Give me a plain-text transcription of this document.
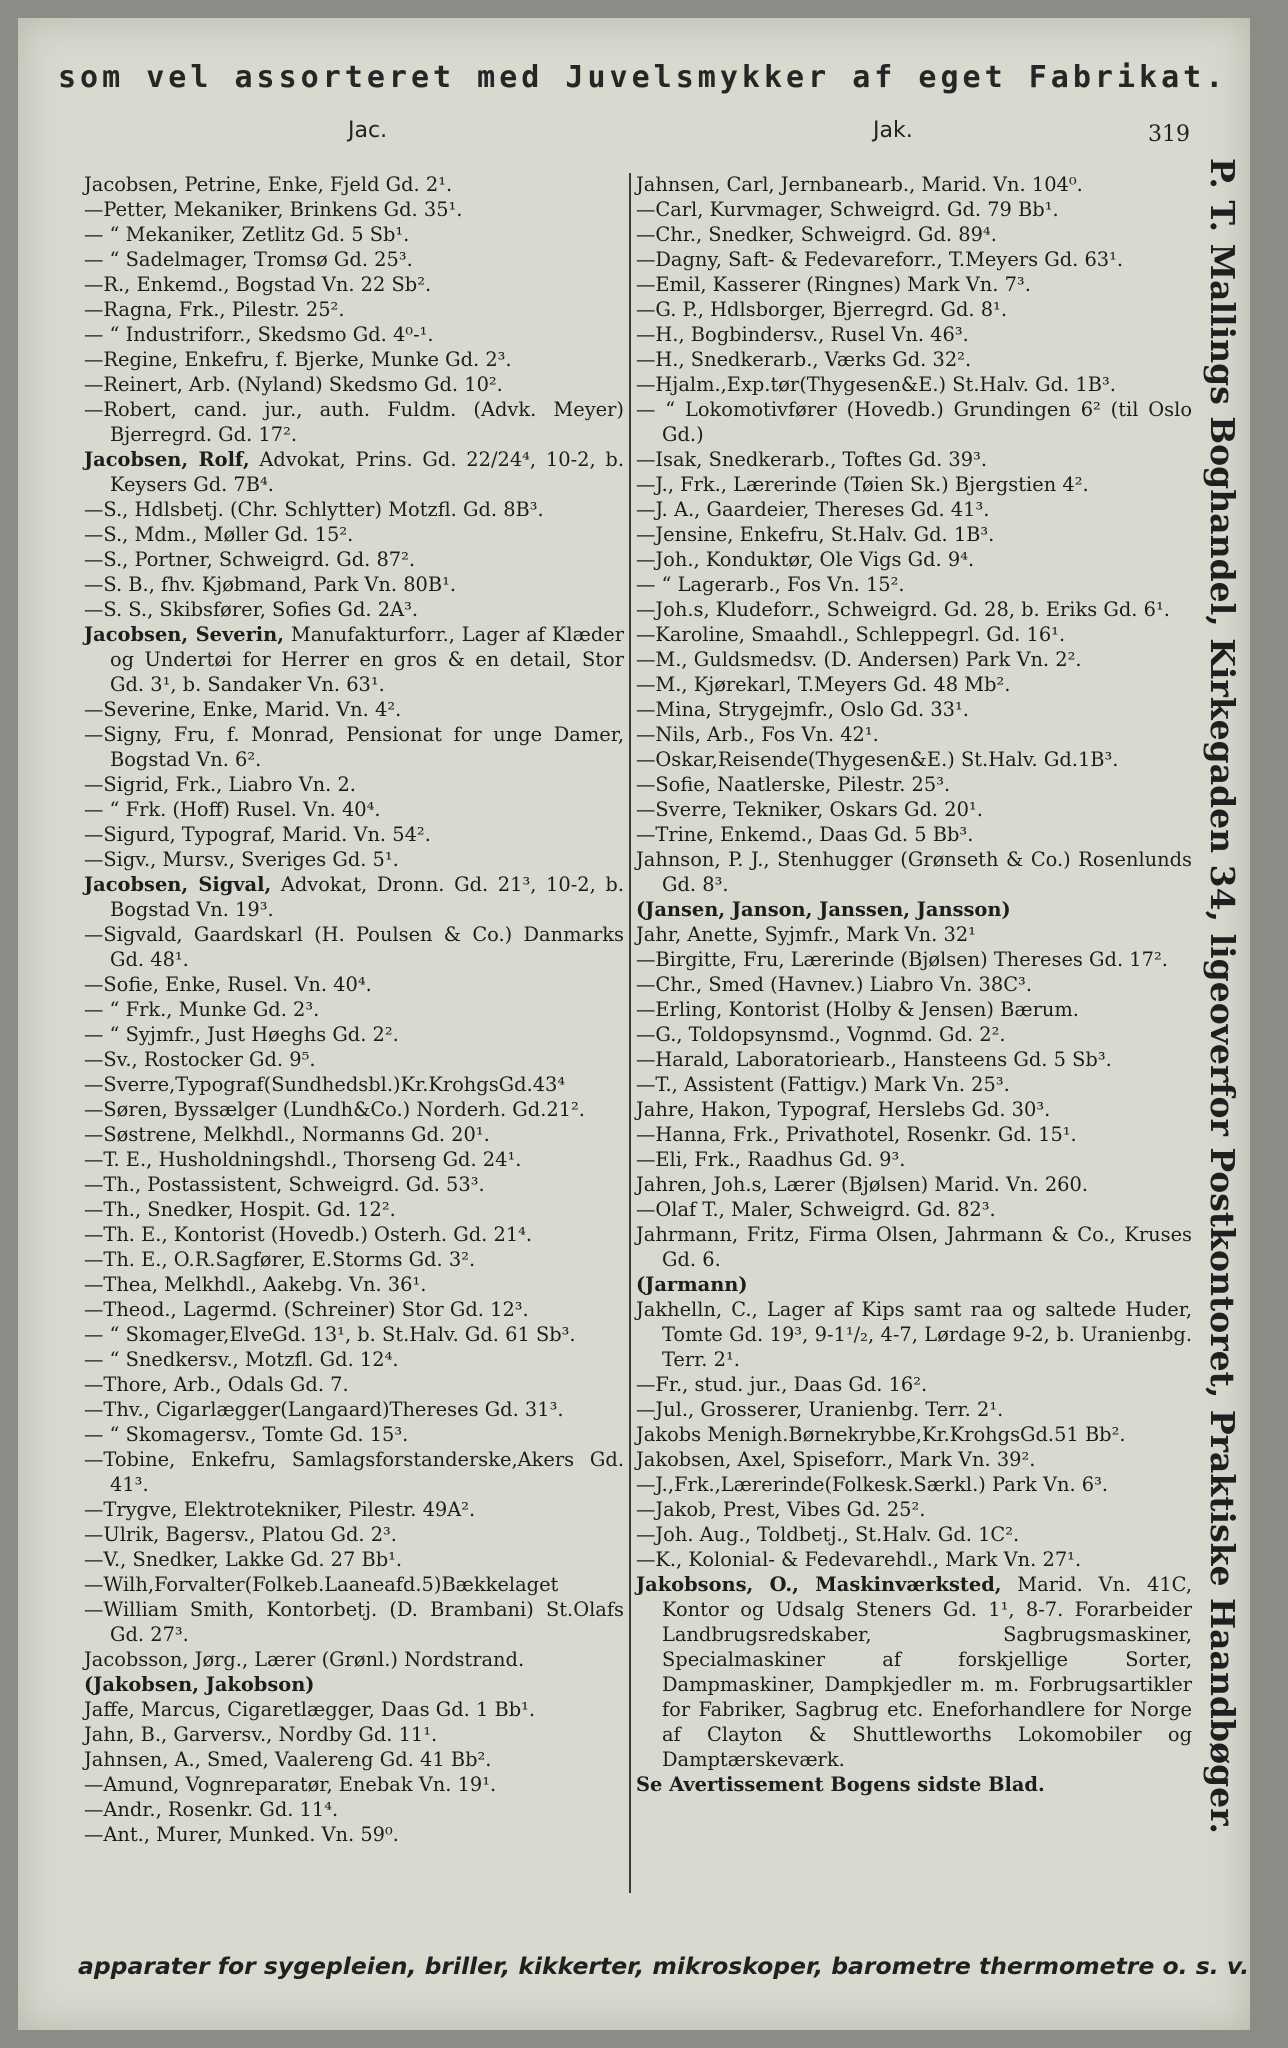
som vel assorteret med Juvelsmykker af eget Fabrikat.
Jac.	Jak.	319
Jacobsen, Petrine, Enke, Fjeld Gd. 2¹.
—Petter, Mekaniker, Brinkens Gd. 35¹.
— “ Mekaniker, Zetlitz Gd. 5 Sb¹.
— “ Sadelmager, Tromsø Gd. 25³.
—R., Enkemd., Bogstad Vn. 22 Sb².
—Ragna, Frk., Pilestr. 25².
— “ Industriforr., Skedsmo Gd. 4⁰-¹.
—Regine, Enkefru, f. Bjerke, Munke Gd. 2³.
—Reinert, Arb. (Nyland) Skedsmo Gd. 10².
—Robert, cand. jur., auth. Fuldm. (Advk. Meyer) Bjerregrd. Gd. 17².
Jacobsen, Rolf, Advokat, Prins. Gd. 22/24⁴, 10-2, b. Keysers Gd. 7B⁴.
—S., Hdlsbetj. (Chr. Schlytter) Motzfl. Gd. 8B³.
—S., Mdm., Møller Gd. 15².
—S., Portner, Schweigrd. Gd. 87².
—S. B., fhv. Kjøbmand, Park Vn. 80B¹.
—S. S., Skibsfører, Sofies Gd. 2A³.
Jacobsen, Severin, Manufakturforr., Lager af Klæder og Undertøi for Herrer en gros & en detail, Stor Gd. 3¹, b. Sandaker Vn. 63¹.
—Severine, Enke, Marid. Vn. 4².
—Signy, Fru, f. Monrad, Pensionat for unge Damer, Bogstad Vn. 6².
—Sigrid, Frk., Liabro Vn. 2.
— “ Frk. (Hoff) Rusel. Vn. 40⁴.
—Sigurd, Typograf, Marid. Vn. 54².
—Sigv., Mursv., Sveriges Gd. 5¹.
Jacobsen, Sigval, Advokat, Dronn. Gd. 21³, 10-2, b. Bogstad Vn. 19³.
—Sigvald, Gaardskarl (H. Poulsen & Co.) Danmarks Gd. 48¹.
—Sofie, Enke, Rusel. Vn. 40⁴.
— “ Frk., Munke Gd. 2³.
— “ Syjmfr., Just Høeghs Gd. 2².
—Sv., Rostocker Gd. 9⁵.
—Sverre,Typograf(Sundhedsbl.)Kr.KrohgsGd.43⁴
—Søren, Byssælger (Lundh&Co.) Norderh. Gd.21².
—Søstrene, Melkhdl., Normanns Gd. 20¹.
—T. E., Husholdningshdl., Thorseng Gd. 24¹.
—Th., Postassistent, Schweigrd. Gd. 53³.
—Th., Snedker, Hospit. Gd. 12².
—Th. E., Kontorist (Hovedb.) Osterh. Gd. 21⁴.
—Th. E., O.R.Sagfører, E.Storms Gd. 3².
—Thea, Melkhdl., Aakebg. Vn. 36¹.
—Theod., Lagermd. (Schreiner) Stor Gd. 12³.
— “ Skomager,ElveGd. 13¹, b. St.Halv. Gd. 61 Sb³.
— “ Snedkersv., Motzfl. Gd. 12⁴.
—Thore, Arb., Odals Gd. 7.
—Thv., Cigarlægger(Langaard)Thereses Gd. 31³.
— “ Skomagersv., Tomte Gd. 15³.
—Tobine, Enkefru, Samlagsforstanderske,Akers Gd. 41³.
—Trygve, Elektrotekniker, Pilestr. 49A².
—Ulrik, Bagersv., Platou Gd. 2³.
—V., Snedker, Lakke Gd. 27 Bb¹.
—Wilh,Forvalter(Folkeb.Laaneafd.5)Bækkelaget
—William Smith, Kontorbetj. (D. Brambani) St.Olafs Gd. 27³.
Jacobsson, Jørg., Lærer (Grønl.) Nordstrand.
(Jakobsen, Jakobson)
Jaffe, Marcus, Cigaretlægger, Daas Gd. 1 Bb¹.
Jahn, B., Garversv., Nordby Gd. 11¹.
Jahnsen, A., Smed, Vaalereng Gd. 41 Bb².
—Amund, Vognreparatør, Enebak Vn. 19¹.
—Andr., Rosenkr. Gd. 11⁴.
—Ant., Murer, Munked. Vn. 59⁰.
Jahnsen, Carl, Jernbanearb., Marid. Vn. 104⁰.
—Carl, Kurvmager, Schweigrd. Gd. 79 Bb¹.
—Chr., Snedker, Schweigrd. Gd. 89⁴.
—Dagny, Saft- & Fedevareforr., T.Meyers Gd. 63¹.
—Emil, Kasserer (Ringnes) Mark Vn. 7³.
—G. P., Hdlsborger, Bjerregrd. Gd. 8¹.
—H., Bogbindersv., Rusel Vn. 46³.
—H., Snedkerarb., Værks Gd. 32².
—Hjalm.,Exp.tør(Thygesen&E.) St.Halv. Gd. 1B³.
— “ Lokomotivfører (Hovedb.) Grundingen 6² (til Oslo Gd.)
—Isak, Snedkerarb., Toftes Gd. 39³.
—J., Frk., Lærerinde (Tøien Sk.) Bjergstien 4².
—J. A., Gaardeier, Thereses Gd. 41³.
—Jensine, Enkefru, St.Halv. Gd. 1B³.
—Joh., Konduktør, Ole Vigs Gd. 9⁴.
— “ Lagerarb., Fos Vn. 15².
—Joh.s, Kludeforr., Schweigrd. Gd. 28, b. Eriks Gd. 6¹.
—Karoline, Smaahdl., Schleppegrl. Gd. 16¹.
—M., Guldsmedsv. (D. Andersen) Park Vn. 2².
—M., Kjørekarl, T.Meyers Gd. 48 Mb².
—Mina, Strygejmfr., Oslo Gd. 33¹.
—Nils, Arb., Fos Vn. 42¹.
—Oskar,Reisende(Thygesen&E.) St.Halv. Gd.1B³.
—Sofie, Naatlerske, Pilestr. 25³.
—Sverre, Tekniker, Oskars Gd. 20¹.
—Trine, Enkemd., Daas Gd. 5 Bb³.
Jahnson, P. J., Stenhugger (Grønseth & Co.) Rosenlunds Gd. 8³.
(Jansen, Janson, Janssen, Jansson)
Jahr, Anette, Syjmfr., Mark Vn. 32¹
—Birgitte, Fru, Lærerinde (Bjølsen) Thereses Gd. 17².
—Chr., Smed (Havnev.) Liabro Vn. 38C³.
—Erling, Kontorist (Holby & Jensen) Bærum.
—G., Toldopsynsmd., Vognmd. Gd. 2².
—Harald, Laboratoriearb., Hansteens Gd. 5 Sb³.
—T., Assistent (Fattigv.) Mark Vn. 25³.
Jahre, Hakon, Typograf, Herslebs Gd. 30³.
—Hanna, Frk., Privathotel, Rosenkr. Gd. 15¹.
—Eli, Frk., Raadhus Gd. 9³.
Jahren, Joh.s, Lærer (Bjølsen) Marid. Vn. 260.
—Olaf T., Maler, Schweigrd. Gd. 82³.
Jahrmann, Fritz, Firma Olsen, Jahrmann & Co., Kruses Gd. 6.
(Jarmann)
Jakhelln, C., Lager af Kips samt raa og saltede Huder, Tomte Gd. 19³, 9-1¹/₂, 4-7, Lørdage 9-2, b. Uranienbg. Terr. 2¹.
—Fr., stud. jur., Daas Gd. 16².
—Jul., Grosserer, Uranienbg. Terr. 2¹.
Jakobs Menigh.Børnekrybbe,Kr.KrohgsGd.51 Bb².
Jakobsen, Axel, Spiseforr., Mark Vn. 39².
—J.,Frk.,Lærerinde(Folkesk.Særkl.) Park Vn. 6³.
—Jakob, Prest, Vibes Gd. 25².
—Joh. Aug., Toldbetj., St.Halv. Gd. 1C².
—K., Kolonial- & Fedevarehdl., Mark Vn. 27¹.
Jakobsons, O., Maskinværksted, Marid. Vn. 41C, Kontor og Udsalg Steners Gd. 1¹, 8-7. Forarbeider Landbrugsredskaber, Sagbrugsmaskiner, Specialmaskiner af forskjellige Sorter, Dampmaskiner, Dampkjedler m. m. Forbrugsartikler for Fabriker, Sagbrug etc. Eneforhandlere for Norge af Clayton & Shuttleworths Lokomobiler og Damptærskeværk.
Se Avertissement Bogens sidste Blad.	P. T. Mallings Boghandel, Kirkegaden 34, ligeoverfor Postkontoret, Praktiske Haandbøger.
apparater for sygepleien, briller, kikkerter, mikroskoper, barometre thermometre o. s. v.
